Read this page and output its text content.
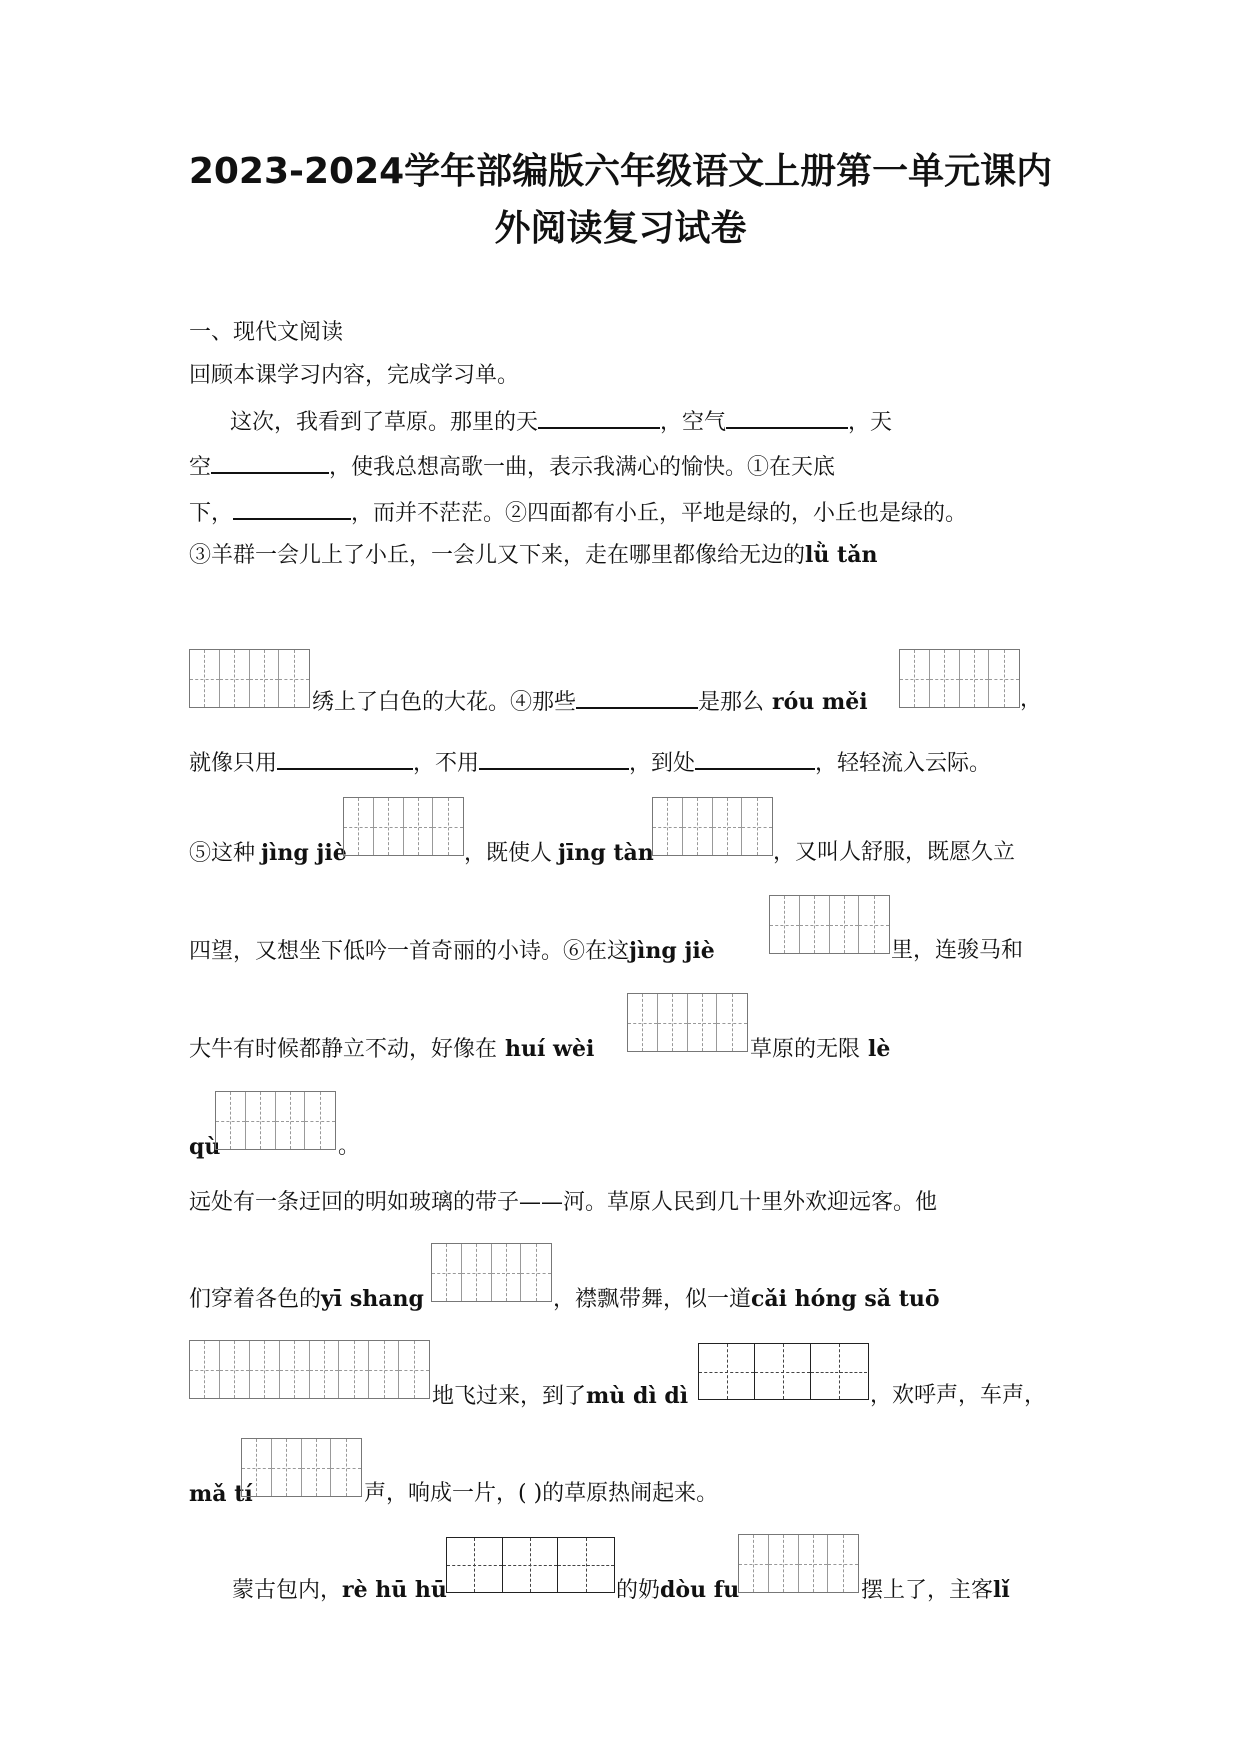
2023-2024学年部编版六年级语文上册第一单元课内
外阅读复习试卷
一、现代文阅读
回顾本课学习内容，完成学习单。
这次，我看到了草原。那里的天	，空气	，天
空	，使我总想高歌一曲，表示我满心的愉快。①在天底
下，	，而并不茫茫。②四面都有小丘，平地是绿的，小丘也是绿的。
③羊群一会儿上了小丘，一会儿又下来，走在哪里都像给无边的lǜ tǎn
绣上了白色的大花。④那些	是那么 róu měi	，
就像只用	，不用	，到处	，轻轻流入云际。
⑤这种 jìng jiè	，既使人 jīng tàn	，又叫人舒服，既愿久立
四望，又想坐下低吟一首奇丽的小诗。⑥在这jìng jiè	里，连骏马和
大牛有时候都静立不动，好像在 huí wèi	草原的无限 lè
qù	。
远处有一条迂回的明如玻璃的带子——河。草原人民到几十里外欢迎远客。他
们穿着各色的yī shang	，襟飘带舞，似一道cǎi hóng sǎ tuō
地飞过来，到了mù dì dì	，欢呼声，车声，
mǎ tí	声，响成一片，( )的草原热闹起来。
蒙古包内，rè hū hū	的奶dòu fu	摆上了，主客lǐ
